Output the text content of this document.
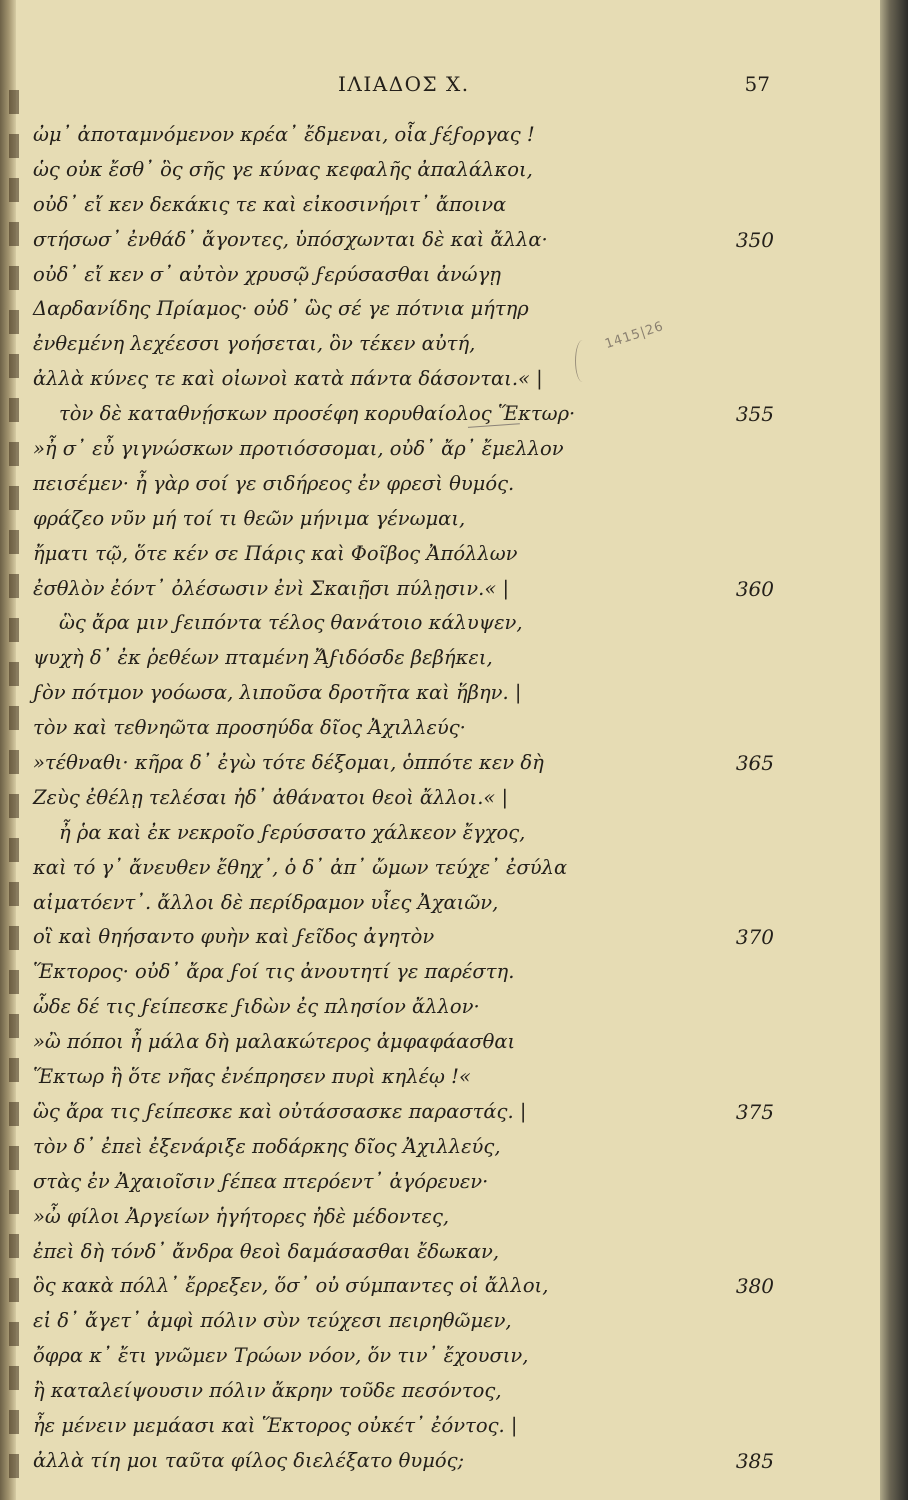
ΙΛΙΑΔΟΣ Χ.	57
ὠμ᾽ ἀποταμνόμενον κρέα᾽ ἔδμεναι, οἷα ϝέϝοργας !
ὡς οὐκ ἔσθ᾽ ὃς σῆς γε κύνας κεφαλῆς ἀπαλάλκοι,
οὐδ᾽ εἴ κεν δεκάκις τε καὶ εἰκοσινήριτ᾽ ἄποινα
στήσωσ᾽ ἐνθάδ᾽ ἄγοντες, ὑπόσχωνται δὲ καὶ ἄλλα·	350
οὐδ᾽ εἴ κεν σ᾽ αὐτὸν χρυσῷ ϝερύσασθαι ἀνώγῃ
Δαρδανίδης Πρίαμος· οὐδ᾽ ὣς σέ γε πότνια μήτηρ
ἐνθεμένη λεχέεσσι γοήσεται, ὃν τέκεν αὐτή,
ἀλλὰ κύνες τε καὶ οἰωνοὶ κατὰ πάντα δάσονται.« |
τὸν δὲ καταθνῄσκων προσέφη κορυθαίολος Ἕκτωρ·	355
»ἦ σ᾽ εὖ γιγνώσκων προτιόσσομαι, οὐδ᾽ ἄρ᾽ ἔμελλον
πεισέμεν· ἦ γὰρ σοί γε σιδήρεος ἐν φρεσὶ θυμός.
φράζεο νῦν μή τοί τι θεῶν μήνιμα γένωμαι,
ἤματι τῷ, ὅτε κέν σε Πάρις καὶ Φοῖβος Ἀπόλλων
ἐσθλὸν ἐόντ᾽ ὀλέσωσιν ἐνὶ Σκαιῇσι πύλῃσιν.« |	360
ὣς ἄρα μιν ϝειπόντα τέλος θανάτοιο κάλυψεν,
ψυχὴ δ᾽ ἐκ ῥεθέων πταμένη Ἄϝιδόσδε βεβήκει,
ϝὸν πότμον γοόωσα, λιποῦσα δροτῆτα καὶ ἥβην. |
τὸν καὶ τεθνηῶτα προσηύδα δῖος Ἀχιλλεύς·
»τέθναθι· κῆρα δ᾽ ἐγὼ τότε δέξομαι, ὁππότε κεν δὴ	365
Ζεὺς ἐθέλῃ τελέσαι ἠδ᾽ ἀθάνατοι θεοὶ ἄλλοι.« |
ἦ ῥα καὶ ἐκ νεκροῖο ϝερύσσατο χάλκεον ἔγχος,
καὶ τό γ᾽ ἄνευθεν ἔθηχ᾽, ὁ δ᾽ ἀπ᾽ ὤμων τεύχε᾽ ἐσύλα
αἱματόεντ᾽. ἄλλοι δὲ περίδραμον υἷες Ἀχαιῶν,
οἳ καὶ θηήσαντο φυὴν καὶ ϝεῖδος ἀγητὸν	370
Ἕκτορος· οὐδ᾽ ἄρα ϝοί τις ἀνουτητί γε παρέστη.
ὧδε δέ τις ϝείπεσκε ϝιδὼν ἐς πλησίον ἄλλον·
»ὢ πόποι ἦ μάλα δὴ μαλακώτερος ἀμφαφάασθαι
Ἕκτωρ ἢ ὅτε νῆας ἐνέπρησεν πυρὶ κηλέῳ !«
ὣς ἄρα τις ϝείπεσκε καὶ οὐτάσσασκε παραστάς. |	375
τὸν δ᾽ ἐπεὶ ἐξενάριξε ποδάρκης δῖος Ἀχιλλεύς,
στὰς ἐν Ἀχαιοῖσιν ϝέπεα πτερόεντ᾽ ἀγόρευεν·
»ὦ φίλοι Ἀργείων ἡγήτορες ἠδὲ μέδοντες,
ἐπεὶ δὴ τόνδ᾽ ἄνδρα θεοὶ δαμάσασθαι ἔδωκαν,
ὃς κακὰ πόλλ᾽ ἔρρεξεν, ὅσ᾽ οὐ σύμπαντες οἱ ἄλλοι,	380
εἰ δ᾽ ἄγετ᾽ ἀμφὶ πόλιν σὺν τεύχεσι πειρηθῶμεν,
ὄφρα κ᾽ ἔτι γνῶμεν Τρώων νόον, ὅν τιν᾽ ἔχουσιν,
ἢ καταλείψουσιν πόλιν ἄκρην τοῦδε πεσόντος,
ἦε μένειν μεμάασι καὶ Ἕκτορος οὐκέτ᾽ ἐόντος. |
ἀλλὰ τίη μοι ταῦτα φίλος διελέξατο θυμός;	385
1415|26
